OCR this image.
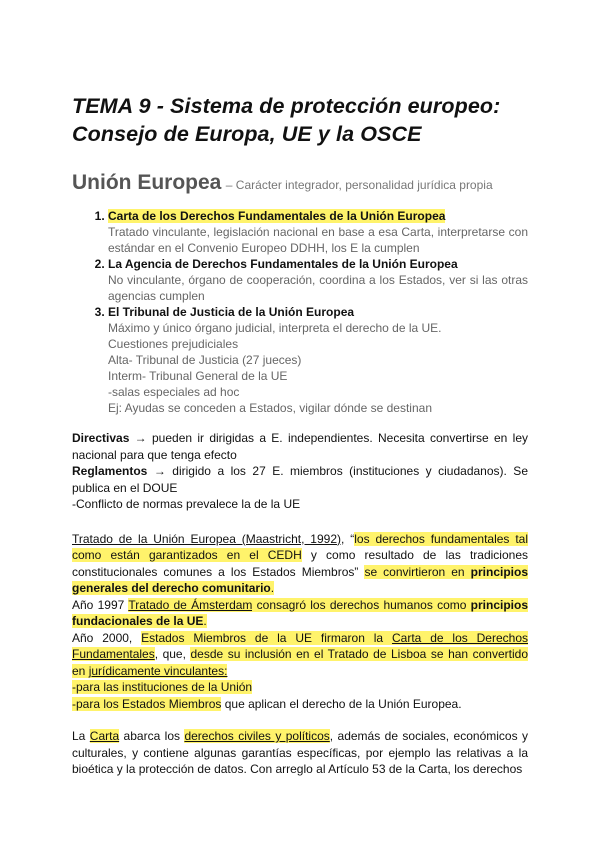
TEMA 9 - Sistema de protección europeo: Consejo de Europa, UE y la OSCE
Unión Europea – Carácter integrador, personalidad jurídica propia
1. Carta de los Derechos Fundamentales de la Unión Europea
Tratado vinculante, legislación nacional en base a esa Carta, interpretarse con estándar en el Convenio Europeo DDHH, los E la cumplen
2. La Agencia de Derechos Fundamentales de la Unión Europea
No vinculante, órgano de cooperación, coordina a los Estados, ver si las otras agencias cumplen
3. El Tribunal de Justicia de la Unión Europea
Máximo y único órgano judicial, interpreta el derecho de la UE.
Cuestiones prejudiciales
Alta- Tribunal de Justicia (27 jueces)
Interm- Tribunal General de la UE
-salas especiales ad hoc
Ej: Ayudas se conceden a Estados, vigilar dónde se destinan

Directivas → pueden ir dirigidas a E. independientes. Necesita convertirse en ley nacional para que tenga efecto

Reglamentos → dirigido a los 27 E. miembros (instituciones y ciudadanos). Se publica en el DOUE

-Conflicto de normas prevalece la de la UE

Tratado de la Unión Europea (Maastricht, 1992), “los derechos fundamentales tal como están garantizados en el CEDH y como resultado de las tradiciones constitucionales comunes a los Estados Miembros” se convirtieron en principios generales del derecho comunitario.

Año 1997 Tratado de Ámsterdam consagró los derechos humanos como principios fundacionales de la UE.

Año 2000, Estados Miembros de la UE firmaron la Carta de los Derechos Fundamentales, que, desde su inclusión en el Tratado de Lisboa se han convertido en jurídicamente vinculantes:

-para las instituciones de la Unión

-para los Estados Miembros que aplican el derecho de la Unión Europea.

La Carta abarca los derechos civiles y políticos, además de sociales, económicos y culturales, y contiene algunas garantías específicas, por ejemplo las relativas a la bioética y la protección de datos. Con arreglo al Artículo 53 de la Carta, los derechos
